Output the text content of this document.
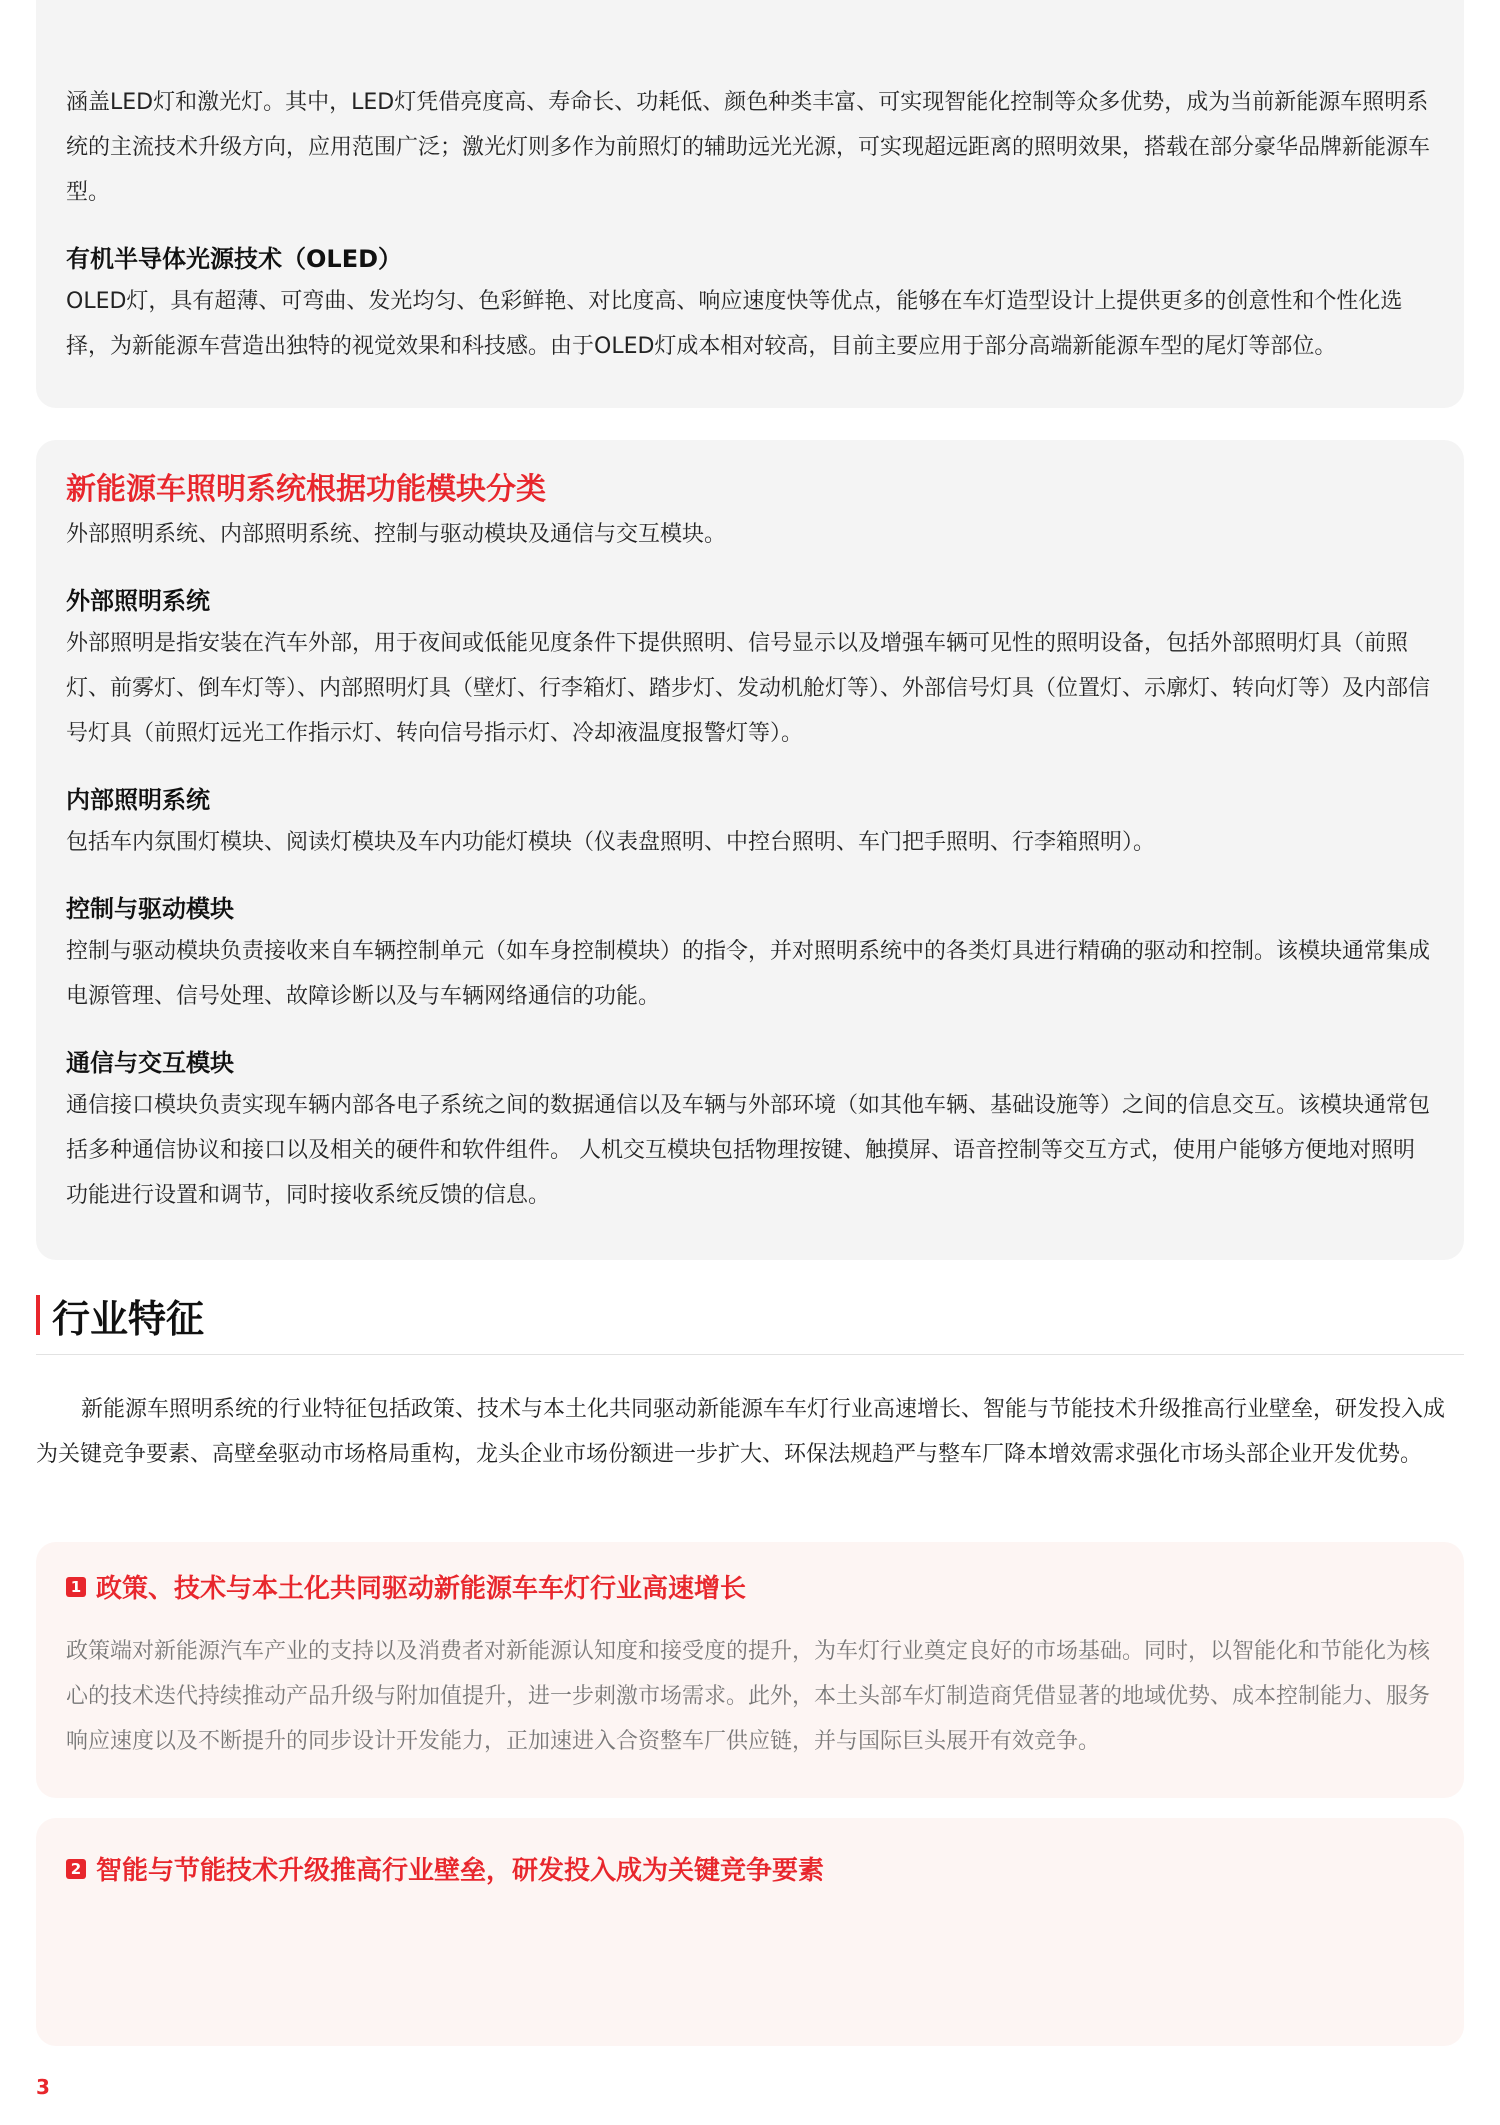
涵盖LED灯和激光灯。其中，LED灯凭借亮度高、寿命长、功耗低、颜色种类丰富、可实现智能化控制等众多优势，成为当前新能源车照明系统的主流技术升级方向，应用范围广泛；激光灯则多作为前照灯的辅助远光光源，可实现超远距离的照明效果，搭载在部分豪华品牌新能源车型。

有机半导体光源技术（OLED）

OLED灯，具有超薄、可弯曲、发光均匀、色彩鲜艳、对比度高、响应速度快等优点，能够在车灯造型设计上提供更多的创意性和个性化选择，为新能源车营造出独特的视觉效果和科技感。由于OLED灯成本相对较高，目前主要应用于部分高端新能源车型的尾灯等部位。

新能源车照明系统根据功能模块分类

外部照明系统、内部照明系统、控制与驱动模块及通信与交互模块。

外部照明系统

外部照明是指安装在汽车外部，用于夜间或低能见度条件下提供照明、信号显示以及增强车辆可见性的照明设备，包括外部照明灯具（前照灯、前雾灯、倒车灯等）、内部照明灯具（壁灯、行李箱灯、踏步灯、发动机舱灯等）、外部信号灯具（位置灯、示廓灯、转向灯等）及内部信号灯具（前照灯远光工作指示灯、转向信号指示灯、冷却液温度报警灯等）。

内部照明系统

包括车内氛围灯模块、阅读灯模块及车内功能灯模块（仪表盘照明、中控台照明、车门把手照明、行李箱照明）。

控制与驱动模块

控制与驱动模块负责接收来自车辆控制单元（如车身控制模块）的指令，并对照明系统中的各类灯具进行精确的驱动和控制。该模块通常集成电源管理、信号处理、故障诊断以及与车辆网络通信的功能。

通信与交互模块

通信接口模块负责实现车辆内部各电子系统之间的数据通信以及车辆与外部环境（如其他车辆、基础设施等）之间的信息交互。该模块通常包括多种通信协议和接口以及相关的硬件和软件组件。 人机交互模块包括物理按键、触摸屏、语音控制等交互方式，使用户能够方便地对照明功能进行设置和调节，同时接收系统反馈的信息。

行业特征

新能源车照明系统的行业特征包括政策、技术与本土化共同驱动新能源车车灯行业高速增长、智能与节能技术升级推高行业壁垒，研发投入成为关键竞争要素、高壁垒驱动市场格局重构，龙头企业市场份额进一步扩大、环保法规趋严与整车厂降本增效需求强化市场头部企业开发优势。

1 政策、技术与本土化共同驱动新能源车车灯行业高速增长

政策端对新能源汽车产业的支持以及消费者对新能源认知度和接受度的提升，为车灯行业奠定良好的市场基础。同时，以智能化和节能化为核心的技术迭代持续推动产品升级与附加值提升，进一步刺激市场需求。此外，本土头部车灯制造商凭借显著的地域优势、成本控制能力、服务响应速度以及不断提升的同步设计开发能力，正加速进入合资整车厂供应链，并与国际巨头展开有效竞争。

2 智能与节能技术升级推高行业壁垒，研发投入成为关键竞争要素
3
